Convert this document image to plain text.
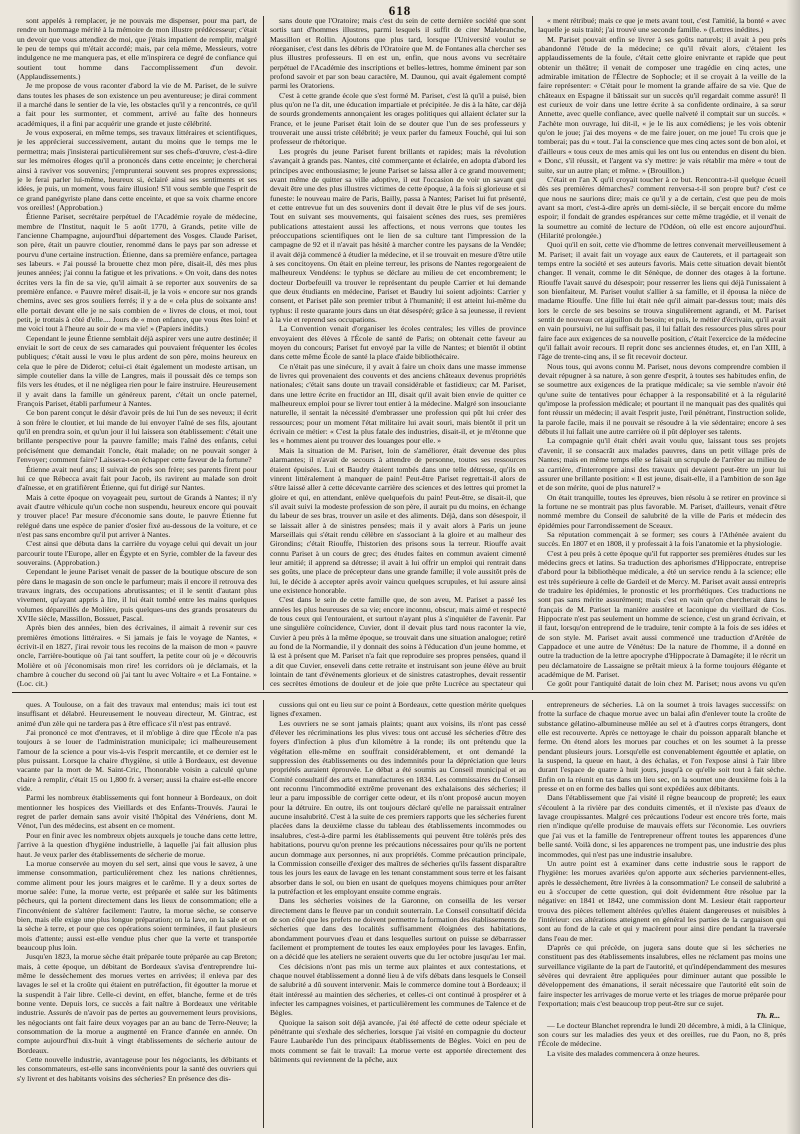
618

sont appelés à remplacer, je ne pouvais me dispenser, pour ma part, de rendre un hommage mérité à la mémoire de mon illustre prédécesseur; c'était un devoir que vous attendiez de moi, que j'étais impatient de remplir, malgré le peu de temps qui m'était accordé; mais, par cela même, Messieurs, votre indulgence ne me manquera pas, et elle m'inspirera ce degré de confiance qui soutient tout homme dans l'accomplissement d'un devoir. (Applaudissements.)

Je me propose de vous raconter d'abord la vie de M. Pariset, de le suivre dans toutes les phases de son existence un peu aventureuse; je dirai comment il a marché dans le sentier de la vie, les obstacles qu'il y a rencontrés, ce qu'il a fait pour les surmonter, et comment, arrivé au faîte des honneurs académiques, il a fini par acquérir une grande et juste célébrité.

Je vous exposerai, en même temps, ses travaux littéraires et scientifiques, je les apprécierai successivement, autant du moins que le temps me le permettra; mais j'insisterai particulièrement sur ses chefs-d'œuvre, c'est-à-dire sur les mémoires éloges qu'il a prononcés dans cette enceinte; je chercherai ainsi à raviver vos souvenirs; j'emprunterai souvent ses propres expressions; je le ferai parler lui-même, heureux si, éclairé ainsi ses sentiments et ses idées, je puis, un moment, vous faire illusion! S'il vous semble que l'esprit de ce grand panégyriste plane dans cette enceinte, et que sa voix charme encore vos oreilles! (Approbation.)

Étienne Pariset, secrétaire perpétuel de l'Académie royale de médecine, membre de l'Institut, naquit le 5 août 1770, à Grands, petite ville de l'ancienne Champagne, aujourd'hui département des Vosges. Claude Pariset, son père, était un pauvre cloutier, renommé dans le pays par son adresse et pourvu d'une certaine instruction. Étienne, dans sa première enfance, partagea ses labeurs. « J'ai poussé la brouette chez mon père, disait-il, dès mes plus jeunes années; j'ai connu la fatigue et les privations. » On voit, dans des notes écrites vers la fin de sa vie, qu'il aimait à se reporter aux souvenirs de sa première enfance. « Pauvre mère! disait-il, je la vois « encore sur nos grands chemins, avec ses gros souliers ferrés; il y a de « cela plus de soixante ans! elle portait devant elle je ne sais combien de « livres de clous, et moi, tout petit, je trottais à côté d'elle.... Jours de « mon enfance, que vous êtes loin! et me voici tout à l'heure au soir de « ma vie! » (Papiers inédits.)

Cependant le jeune Étienne semblait déjà aspirer vers une autre destinée; il enviait le sort de ceux de ses camarades qui pouvaient fréquenter les écoles publiques; c'était aussi le vœu le plus ardent de son père, moins heureux en cela que le père de Diderot; celui-ci était également un modeste artisan, un simple coutelier dans la ville de Langres, mais il poussait dès ce temps son fils vers les études, et il ne négligea rien pour le faire instruire. Heureusement il y avait dans la famille un généreux parent, c'était un oncle paternel, François Pariset, établi parfumeur à Nantes.

Ce bon parent conçut le désir d'avoir près de lui l'un de ses neveux; il écrit à son frère le cloutier, et lui mande de lui envoyer l'aîné de ses fils, ajoutant qu'il en prendra soin, et qu'un jour il lui laissera son établissement: c'était une brillante perspective pour la pauvre famille; mais l'aîné des enfants, celui précisément que demandait l'oncle, était malade; on ne pouvait songer à l'envoyer; comment faire? Laissera-t-on échapper cette faveur de la fortune?

Étienne avait neuf ans; il suivait de près son frère; ses parents firent pour lui ce que Rébecca avait fait pour Jacob, ils ravirent au malade son droit d'aînesse, et en gratifièrent Étienne, qui fut dirigé sur Nantes.

Mais à cette époque on voyageait peu, surtout de Grands à Nantes; il n'y avait d'autre véhicule qu'un coche non suspendu, heureux encore qui pouvait y trouver place! Par mesure d'économie sans doute, le pauvre Étienne fut relégué dans une espèce de panier d'osier fixé au-dessous de la voiture, et ce n'est pas sans encombre qu'il put arriver à Nantes.

C'est ainsi que débuta dans la carrière du voyage celui qui devait un jour parcourir toute l'Europe, aller en Égypte et en Syrie, combler de la faveur des souverains. (Approbation.)

Cependant le jeune Pariset venait de passer de la boutique obscure de son père dans le magasin de son oncle le parfumeur; mais il encore il retrouva des travaux ingrats, des occupations abrutissantes; et il le sentit d'autant plus vivement, qu'ayant appris à lire, il lui était tombé entre les mains quelques volumes dépareillés de Molière, puis quelques-uns des grands prosateurs du XVIIe siècle, Massillon, Bossuet, Pascal.

Après bien des années, bien des écrivaines, il aimait à revenir sur ces premières émotions littéraires. « Si jamais je fais le voyage de Nantes, « écrivit-il en 1827, j'irai revoir tous les recoins de la maison de mon « pauvre oncle, l'arrière-boutique où j'ai tant souffert, la petite cour où je « découvris Molière et où j'économisais mon rire! les corridors où je déclamais, et la chambre à coucher du second où j'ai tant lu avec Voltaire « et La Fontaine. » (Loc. cit.)

sans doute que l'Oratoire; mais c'est du sein de cette dernière société que sont sortis tant d'hommes illustres, parmi lesquels il suffit de citer Malebranche, Massillon et Rollin. Ajoutons que plus tard, lorsque l'Université voulut se réorganiser, c'est dans les débris de l'Oratoire que M. de Fontanes alla chercher ses plus illustres professeurs. Il en est un, enfin, que nous avons vu secrétaire perpétuel de l'Académie des inscriptions et belles-lettres, homme éminent par son profond savoir et par son beau caractère, M. Daunou, qui avait également compté parmi les Oratoriens.

C'est à cette grande école que s'est formé M. Pariset, c'est là qu'il a puisé, bien plus qu'on ne l'a dit, une éducation impartiale et précipitée. Je dis à la hâte, car déjà de sourds grondements annonçaient les orages politiques qui allaient éclater sur la France, et le jeune Pariset était loin de se douter que l'un de ses professeurs y trouverait une aussi triste célébrité; je veux parler du fameux Fouché, qui lui son professeur de rhétorique.

Les progrès du jeune Pariset furent brillants et rapides; mais la révolution s'avançait à grands pas. Nantes, cité commerçante et éclairée, en adopta d'abord les principes avec enthousiasme; le jeune Pariset se laissa aller à ce grand mouvement; avant même de quitter sa ville adoptive, il eut l'occasion de voir un savant qui devait être une des plus illustres victimes de cette époque, à la fois si glorieuse et si funeste: le nouveau maire de Paris, Bailly, passa à Nantes; Pariset lui fut présenté, et cette entrevue fut un des souvenirs dont il devait être le plus vif de ses jours. Tout en suivant ses mouvements, qui faisaient scènes des rues, ses premières publications attestaient aussi les affections, et nous verrons que toutes les préoccupations scientifiques ont le lien de sa culture tant l'impression de la campagne de 92 et il n'avait pas hésité à marcher contre les paysans de la Vendée; il avait déjà commencé à étudier la médecine, et il se trouvait en mesure d'être utile à ses concitoyens. On était en pleine terreur, les prisons de Nantes regorgeaient de malheureux Vendéens: le typhus se déclare au milieu de cet encombrement; le docteur Dorbefeuill va trouver le représentant du peuple Carrier et lui demande que deux étudiants en médecine, Pariset et Baudry lui soient adjoints: Carrier y consent, et Pariset pâle son premier tribut à l'humanité; il est atteint lui-même du typhus: il reste quarante jours dans un état désespéré; grâce à sa jeunesse, il revient à la vie et reprend ses occupations.

La Convention venait d'organiser les écoles centrales; les villes de province envoyaient des élèves à l'École de santé de Paris; on obtenait cette faveur au moyen du concours; Pariset fut envoyé par la ville de Nantes; et bientôt il obtint dans cette même École de santé la place d'aide bibliothécaire.

Ce n'était pas une sinécure, il y avait à faire un choix dans une masse immense de livres qui provenaient des couvents et des anciens châteaux devenus propriétés nationales; c'était sans doute un travail considérable et fastidieux; car M. Pariset, dans une lettre écrite en fructidor an III, disait qu'il avait bien envie de quitter ce malheureux emploi pour se livrer tout entier à la médecine. Malgré son insouciante naturelle, il sentait la nécessité d'embrasser une profession qui pût lui créer des ressources; pour un moment l'état militaire lui avait souri, mais bientôt il prit un écrivain ce métier: « C'est la plus fatale des industries, disait-il, et je m'étonne que les « hommes aient pu trouver des louanges pour elle. »

Mais la situation de M. Pariset, loin de s'améliorer, était devenue des plus alarmantes; il n'avait de secours à attendre de personne, toutes ses ressources étaient épuisées. Lui et Baudry étaient tombés dans une telle détresse, qu'ils en vinrent littéralement à manquer de pain! Peut-être Pariset regrettait-il alors de s'être laissé aller à cette décevante carrière des sciences et des lettres qui promet la gloire et qui, en attendant, enlève quelquefois du pain! Peut-être, se disait-il, que s'il avait suivi la modeste profession de son père, il aurait pu du moins, en échange du labeur de ses bras, trouver un asile et des aliments. Déjà, dans son désespoir, il se laissait aller à de sinistres pensées; mais il y avait alors à Paris un jeune Marseillais qui s'était rendu célèbre en s'associant à la gloire et au malheur des Girondins; c'était Riouffe, l'historien des prisons sous la terreur. Riouffe avait connu Pariset à un cours de grec; des études faites en commun avaient cimenté leur amitié; il apprend sa détresse; il avait à lui offrir un emploi qui rentrait dans ses goûts, une place de précepteur dans une grande famille; il vole aussitôt près de lui, le décide à accepter après avoir vaincu quelques scrupules, et lui assure ainsi une existence honorable.

C'est dans le sein de cette famille que, de son aveu, M. Pariset a passé les années les plus heureuses de sa vie; encore inconnu, obscur, mais aimé et respecté de tous ceux qui l'entouraient, et surtout n'ayant plus à s'inquiéter de l'avenir. Par une singulière coïncidence, Cuvier, dont il devait plus tard nous raconter la vie, Cuvier à peu près à la même époque, se trouvait dans une situation analogue; retiré au fond de la Normandie, il y donnait des soins à l'éducation d'un jeune homme, et là est à présent que M. Pariset n'a fait que reproduire ses propres pensées, quand il a dit que Cuvier, enseveli dans cette retraite et instruisant son jeune élève au bruit lointain de tant d'événements glorieux et de sinistres catastrophes, devait ressentir ces secrètes émotions de douleur et de joie que prête Lucrèce au spectateur qui

« ment rétribué; mais ce que je mets avant tout, c'est l'amitié, la bonté « avec laquelle je suis traité; j'ai trouvé une seconde famille. » (Lettres inédites.)

M. Pariset pouvait enfin se livrer à ses goûts naturels; il avait à peu près abandonné l'étude de la médecine; ce qu'il rêvait alors, c'étaient les applaudissements de la foule, c'était cette gloire enivrante et rapide que peut obtenir un théâtre; il venait de composer une tragédie en cinq actes, une admirable imitation de l'Électre de Sophocle; et il se croyait à la veille de la faire représenter: « C'était pour le moment la grande affaire de sa vie. Que de châteaux en Espagne il bâtissait sur un succès qu'il regardait comme assuré! Il est curieux de voir dans une lettre écrite à sa confidente ordinaire, à sa sœur Annette, avec quelle confiance, avec quelle naïveté il comptait sur un succès. « J'achète mon ouvrage, lui dit-il, « je le lis aux comédiens; je les vois obtenir qu'on le joue; j'ai des moyens « de me faire jouer, on me joue! Tu crois que je tomberai; pas du « tout. J'ai la conscience que mes cinq actes sont de bon aloi, et d'ailleurs « tous ceux de mes amis qui les ont lus ou entendus en disent du bien. « Donc, s'il réussit, et l'argent va s'y mettre: je vais rétablir ma mère « tout de suite, sur un autre plan; et même. » (Brouillon.)

C'était en l'an X qu'il croyait toucher à ce but. Rencontra-t-il quelque écueil dès ses premières démarches? comment renversa-t-il son propre but? c'est ce que nous ne saurions dire; mais ce qu'il y a de certain, c'est que peu de mois avant sa mort, c'est-à-dire après un demi-siècle, il se berçait encore du même espoir; il fondait de grandes espérances sur cette même tragédie, et il venait de la soumettre au comité de lecture de l'Odéon, où elle est encore aujourd'hui. (Hilarité prolongée.)

Quoi qu'il en soit, cette vie d'homme de lettres convenait merveilleusement à M. Pariset; il avait fait un voyage aux eaux de Cauterets, et il partageait son temps entre la société et ses auteurs favoris. Mais cette situation devait bientôt changer. Il venait, comme le dit Sénèque, de donner des otages à la fortune. Riouffe l'avait sauvé du désespoir; pour resserrer les liens qui déjà l'unissaient à son bienfaiteur, M. Pariset voulut s'allier à sa famille, et il épousa la nièce de madame Riouffe. Une fille lui était née qu'il aimait par-dessus tout; mais dès lors le cercle de ses besoins se trouva singulièrement agrandi, et M. Pariset sentit de nouveau cet aiguillon du besoin; et puis, le métier d'écrivain, qu'il avait en vain poursuivi, ne lui suffisait pas, il lui fallait des ressources plus sûres pour faire face aux exigences de sa nouvelle position, c'était l'exercice de la médecine qu'il fallait avoir recours. Il reprit donc ses anciennes études, et, en l'an XIII, à l'âge de trente-cinq ans, il se fit recevoir docteur.

Nous tous, qui avons connu M. Pariset, nous devons comprendre combien il devait répugner à sa nature, à son genre d'esprit, à toutes ses habitudes enfin, de se soumettre aux exigences de la pratique médicale; sa vie semble n'avoir été qu'une suite de tentatives pour échapper à la responsabilité et à la régularité qu'impose la profession médicale; et pourtant il ne manquait pas des qualités qui font réussir un médecin; il avait l'esprit juste, l'œil pénétrant, l'instruction solide, la parole facile, mais il ne pouvait se résoudre à la vie sédentaire; encore à ses débuts il lui fallait une autre carrière où il pût déployer ses talents.

La compagnie qu'il était chéri avait voulu que, laissant tous ses projets d'avenir, il se consacrât aux malades pauvres, dans un petit village près de Nantes; mais en même temps elle se faisait un scrupule de l'arrêter au milieu de sa carrière, d'interrompre ainsi des travaux qui devaient peut-être un jour lui assurer une brillante position: « Il est jeune, disait-elle, il a l'ambition de son âge et de son mérite, quoi de plus naturel? »

On était tranquille, toutes les épreuves, bien résolu à se retirer en province si la fortune ne se montrait pas plus favorable. M. Pariset, d'ailleurs, venait d'être nommé membre du Conseil de salubrité de la ville de Paris et médecin des épidémies pour l'arrondissement de Sceaux.

Sa réputation commençait à se former; ses cours à l'Athénée avaient du succès. En 1807 et en 1808, il y professait à la fois l'anatomie et la physiologie.

C'est à peu près à cette époque qu'il fut rapporter ses premières études sur les médecins grecs et latins. Sa traduction des aphorismes d'Hippocrate, entreprise d'abord pour la bibliothèque médicale, a été un service rendu à la science; elle est très supérieure à celle de Gardeil et de Mercy. M. Pariset avait aussi entrepris de traduire les épidémies, le pronostic et les prorrhétiques. Ces traductions ne sont pas sans mérite assurément; mais c'est en vain qu'on chercherait dans le français de M. Pariset la manière austère et laconique du vieillard de Cos. Hippocrate n'est pas seulement un homme de science, c'est un grand écrivain, et il faut, lorsqu'on entreprend de le traduire, tenir compte à la fois de ses idées et de son style. M. Pariset avait aussi commencé une traduction d'Arétée de Cappadoce et une autre de Vénétus: De la nature de l'homme, il a donné en outre la traduction de la lettre apocryphe d'Hippocrate à Damagète; il le récrit un peu déclamatoire de Lassaigne se prêtait mieux à la forme toujours élégante et académique de M. Pariset.

Ce goût pour l'antiquité datait de loin chez M. Pariset; nous avons vu qu'en

ques. A Toulouse, on a fait des travaux mal entendus; mais ici tout est insuffisant et délabré. Heureusement le nouveau directeur, M. Gintrac, est animé d'un zèle qui ne tardera pas à être efficace s'il n'est pas entravé.

J'ai prononcé ce mot d'entraves, et il m'oblige à dire que l'École n'a pas toujours à se louer de l'administration municipale; ici malheureusement l'amour de la science a pour vis-à-vis l'esprit mercantile, et ce dernier est le plus puissant. Lorsque la chaire d'hygiène, si utile à Bordeaux, est devenue vacante par la mort de M. Saint-Cric, l'honorable voisin a calculé qu'une chaire à remplir, c'était 15 ou 1,800 fr. à verser; aussi la chaire est-elle encore vide.

Parmi les nombreux établissements qui font honneur à Bordeaux, on doit mentionner les hospices des Vieillards et des Enfants-Trouvés. J'aurai le regret de parler demain sans avoir visité l'hôpital des Vénériens, dont M. Vénot, l'un des médecins, est absent en ce moment.

Pour en finir avec les nombreux objets auxquels je touche dans cette lettre, j'arrive à la question d'hygiène industrielle, à laquelle j'ai fait allusion plus haut. Je veux parler des établissements de sécherie de morue.

La morue conservée au moyen du sel sert, ainsi que vous le savez, à une immense consommation, particulièrement chez les nations chrétiennes, comme aliment pour les jours maigres et le carême. Il y a deux sortes de morue salée: l'une, la morue verte, est préparée et salée sur les bâtiments pêcheurs, qui la portent directement dans les lieux de consommation; elle a l'inconvénient de s'altérer facilement: l'autre, la morue sèche, se conserve bien, mais elle exige une plus longue préparation; on la lave, on la sale et on la sèche à terre, et pour que ces opérations soient terminées, il faut plusieurs mois d'attente; aussi est-elle vendue plus cher que la verte et transportée beaucoup plus loin.

Jusqu'en 1823, la morue sèche était préparée toute préparée au cap Breton; mais, à cette époque, un débitant de Bordeaux s'avisa d'entreprendre lui-même le dessèchement des morues vertes en arrivées; il enleva par des lavages le sel et la croûte qui étaient en putréfaction, fit égoutter la morue et la suspendit à l'air libre. Celle-ci devint, en effet, blanche, ferme et de très bonne vente. Depuis lors, ce succès a fait naître à Bordeaux une véritable industrie. Assurés de n'avoir pas de pertes au gouvernement leurs provisions, les négociants ont fait faire deux voyages par an au banc de Terre-Neuve; la consommation de la morue a augmenté en France d'année en année. On compte aujourd'hui dix-huit à vingt établissements de sécherie autour de Bordeaux.

Cette nouvelle industrie, avantageuse pour les négociants, les débitants et les consommateurs, est-elle sans inconvénients pour la santé des ouvriers qui s'y livrent et des habitants voisins des sécheries? En présence des dis-

cussions qui ont eu lieu sur ce point à Bordeaux, cette question mérite quelques lignes d'examen.

Les ouvriers ne se sont jamais plaints; quant aux voisins, ils n'ont pas cessé d'élever les récriminations les plus vives: tous ont accusé les sécheries d'être des foyers d'infection à plus d'un kilomètre à la ronde; ils ont prétendu que la végétation elle-même en souffrait considérablement, et ont demandé la suppression des établissements ou des indemnités pour la dépréciation que leurs propriétés auraient éprouvée. Le débat a été soumis au Conseil municipal et au Comité consultatif des arts et manufactures en 1834. Les commissaires du Conseil ont reconnu l'incommodité extrême provenant des exhalaisons des sécheries; il leur a paru impossible de corriger cette odeur, et ils n'ont proposé aucun moyen pour la détruire. En outre, ils ont toujours déclaré qu'elle ne paraissait entraîner aucune insalubrité. C'est à la suite de ces premiers rapports que les sécheries furent placées dans la deuxième classe du tableau des établissements incommodes ou insalubres, c'est-à-dire parmi les établissements qui peuvent être tolérés près des habitations, pourvu qu'on prenne les précautions nécessaires pour qu'ils ne portent aucun dommage aux personnes, ni aux propriétés. Comme précaution principale, la Commission conseille d'exiger des maîtres de sécheries qu'ils fassent disparaître tous les jours les eaux de lavage en les tenant constamment sous terre et les faisant absorber dans le sol, ou bien en usant de quelques moyens chimiques pour arrêter la putréfaction et les employant ensuite comme engrais.

Dans les sécheries voisines de la Garonne, on conseilla de les verser directement dans le fleuve par un conduit souterrain. Le Conseil consultatif décida de son côté que les prefets ne doivent permettre la formation des établissements de sécheries que dans des localités suffisamment éloignées des habitations, abondamment pourvues d'eau et dans lesquelles surtout on puisse se débarrasser facilement et promptement de toutes les eaux employées pour les lavages. Enfin, on a décidé que les ateliers ne seraient ouverts que du 1er octobre jusqu'au 1er mai.

Ces décisions n'ont pas mis un terme aux plaintes et aux contestations, et chaque nouvel établissement a donné lieu à de vifs débats dans lesquels le Conseil de salubrité a dû souvent intervenir. Mais le commerce domine tout à Bordeaux; il était intéressé au maintien des sécheries, et celles-ci ont continué à prospérer et à infecter les campagnes voisines, et particulièrement les communes de Talence et de Bègles.

Quoique la saison soit déjà avancée, j'ai été affecté de cette odeur spéciale et pénétrante qui s'exhale des sécheries, lorsque j'ai visité en compagnie du docteur Faure Laubarède l'un des principaux établissements de Bègles. Voici en peu de mots comment se fait le travail: La morue verte est apportée directement des bâtiments qui reviennent de la pêche, aux

entrepreneurs de sécheries. Là on la soumet à trois lavages successifs: on frotte la surface de chaque morue avec un balai afin d'enlever toute la croûte de substance gélatino-albumineuse mêlée au sel et à d'autres corps étrangers, dont elle est recouverte. Après ce nettoyage le chair du poisson apparaît blanche et ferme. On étend alors les morues par couches et on les soumet à la presse pendant plusieurs jours. Lorsqu'elle est convenablement égouttée et aplatie, on la suspend, la queue en haut, à des échalas, et l'on l'expose ainsi à l'air libre durant l'espace de quatre à huit jours, jusqu'à ce qu'elle soit tout à fait sèche. Enfin on la réunit en tas dans un lieu sec, on la soumet une deuxième fois à la presse et on en forme des balles qui sont expédiées aux débitants.

Dans l'établissement que j'ai visité il règne beaucoup de propreté; les eaux s'écoulent à la rivière par des conduits cimentés, et il n'existe pas d'eaux de lavage croupissantes. Malgré ces précautions l'odeur est encore très forte, mais rien n'indique qu'elle produise de mauvais effets sur l'économie. Les ouvriers que j'ai vus et la famille de l'entrepreneur offrent toutes les apparences d'une belle santé. Voilà donc, si les apparences ne trompent pas, une industrie des plus incommodes, qui n'est pas une industrie insalubre.

Un autre point est à examiner dans cette industrie sous le rapport de l'hygiène: les morues avariées qu'on apporte aux sécheries parviennent-elles, après le dessèchement, être livrées à la consommation? Le conseil de salubrité a eu à s'occuper de cette question, qui doit évidemment être résolue par la négative: en 1841 et 1842, une commission dont M. Lesieur était rapporteur trouva des pièces tellement altérées qu'elles étaient dangereuses et nuisibles à l'intérieur: ces altérations atteignent en général les parties de la carguaison qui sont au fond de la cale et qui y macèrent pour ainsi dire pendant la traversée dans l'eau de mer.

D'après ce qui précède, on jugera sans doute que si les sécheries ne constituent pas des établissements insalubres, elles ne réclament pas moins une surveillance vigilante de la part de l'autorité, et qu'indépendamment des mesures sévères qui devraient être appliquées pour diminuer autant que possible le développement des émanations, il serait nécessaire que l'autorité eût soin de faire inspecter les arrivages de morue verte et les triages de morue préparée pour l'exportation; mais c'est beaucoup trop peut-être sur ce sujet.

Th. R...

— Le docteur Blanchet reprendra le lundi 20 décembre, à midi, à la Clinique, son cours sur les maladies des yeux et des oreilles, rue du Paon, no 8, près l'École de médecine.

La visite des malades commencera à onze heures.
